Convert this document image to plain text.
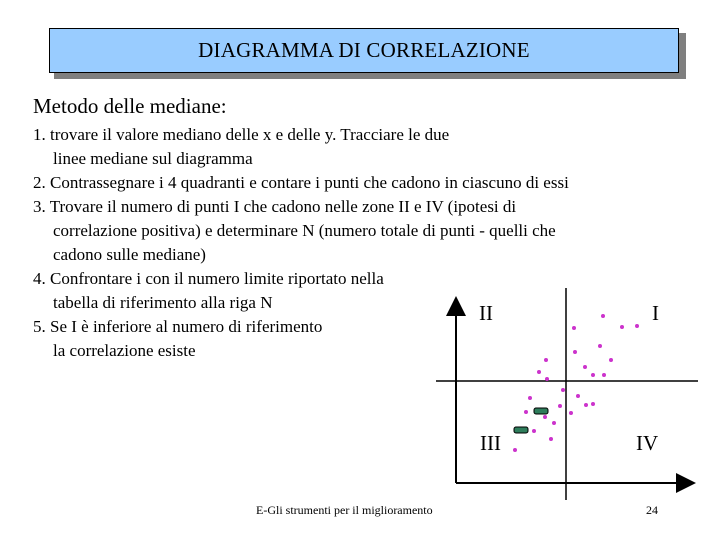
DIAGRAMMA DI CORRELAZIONE
Metodo delle mediane:
1. trovare il valore mediano delle x e delle y. Tracciare le due
linee mediane sul diagramma
2. Contrassegnare i 4 quadranti e contare i punti che cadono in ciascuno di essi
3. Trovare il numero di punti I che cadono nelle zone II e IV (ipotesi di
correlazione positiva) e determinare N (numero totale di punti - quelli che
cadono sulle mediane)
4. Confrontare i con il numero limite riportato nella
tabella di riferimento alla riga N
5. Se I è inferiore al numero di riferimento
la correlazione esiste
II	I
III	IV
E-Gli strumenti per il miglioramento	24
